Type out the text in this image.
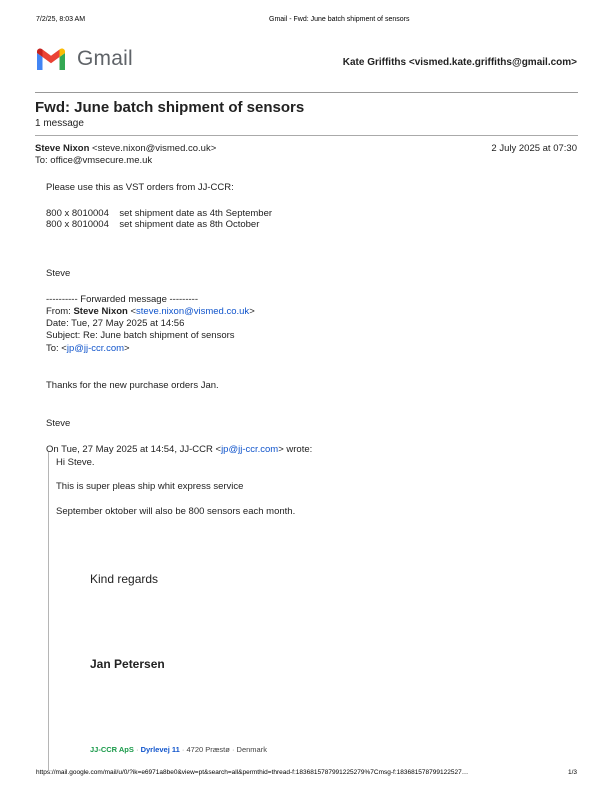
7/2/25, 8:03 AM	Gmail - Fwd: June batch shipment of sensors
Gmail	Kate Griffiths <vismed.kate.griffiths@gmail.com>
Fwd: June batch shipment of sensors
1 message
Steve Nixon <steve.nixon@vismed.co.uk>	2 July 2025 at 07:30
To: office@vmsecure.me.uk
Please use this as VST orders from JJ-CCR:
800 x 8010004    set shipment date as 4th September
800 x 8010004    set shipment date as 8th October
Steve
---------- Forwarded message ---------
From: Steve Nixon <steve.nixon@vismed.co.uk>
Date: Tue, 27 May 2025 at 14:56
Subject: Re: June batch shipment of sensors
To: <jp@jj-ccr.com>
Thanks for the new purchase orders Jan.
Steve
On Tue, 27 May 2025 at 14:54, JJ-CCR <jp@jj-ccr.com> wrote:
Hi Steve.
This is super pleas ship whit express service
September oktober will also be 800 sensors each month.
Kind regards
Jan Petersen
JJ-CCR ApS · Dyrlevej 11 · 4720 Præstø · Denmark
https://mail.google.com/mail/u/0/?ik=e6971a8be0&view=pt&search=all&permthid=thread-f:1836815787991225279%7Cmsg-f:183681578799122527…	1/3
